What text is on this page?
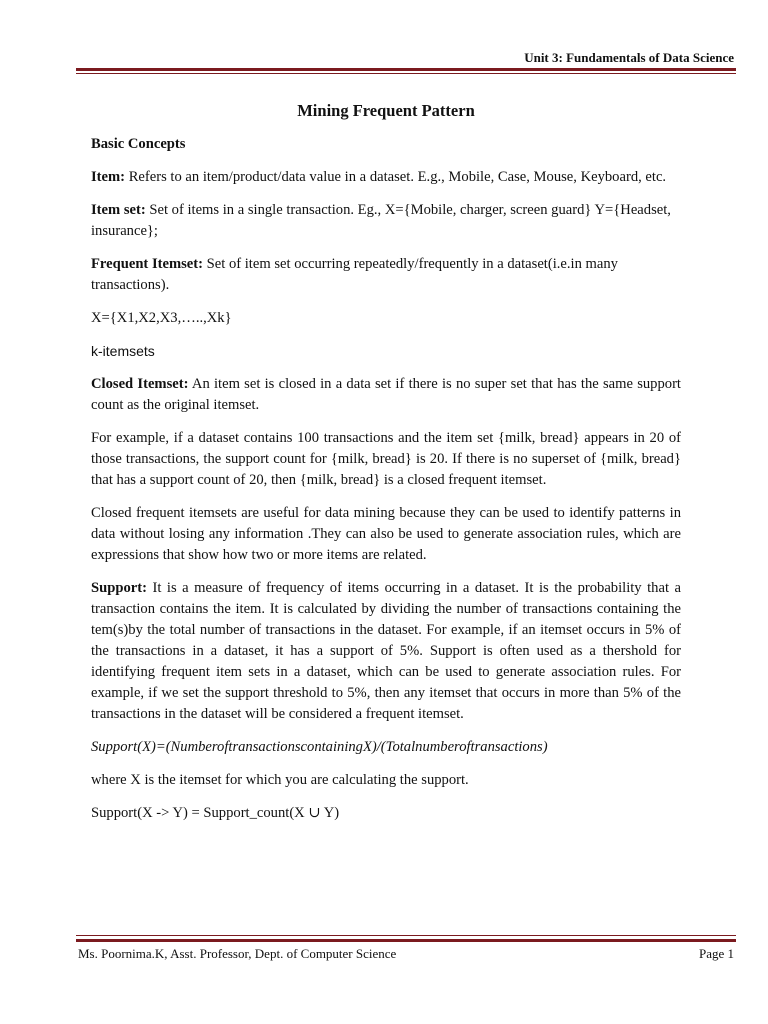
Unit 3: Fundamentals of Data Science
Mining Frequent Pattern

Basic Concepts

Item: Refers to an item/product/data value in a dataset. E.g., Mobile, Case, Mouse, Keyboard, etc.

Item set: Set of items in a single transaction. Eg., X={Mobile, charger, screen guard} Y={Headset, insurance};

Frequent Itemset: Set of item set occurring repeatedly/frequently in a dataset(i.e.in many transactions).

X={X1,X2,X3,…..,Xk}

k-itemsets

Closed Itemset: An item set is closed in a data set if there is no super set that has the same support count as the original itemset.

For example, if a dataset contains 100 transactions and the item set {milk, bread} appears in 20 of those transactions, the support count for {milk, bread} is 20. If there is no superset of {milk, bread} that has a support count of 20, then {milk, bread} is a closed frequent itemset.

Closed frequent itemsets are useful for data mining because they can be used to identify patterns in data without losing any information .They can also be used to generate association rules, which are expressions that show how two or more items are related.

Support: It is a measure of frequency of items occurring in a dataset. It is the probability that a transaction contains the item. It is calculated by dividing the number of transactions containing the tem(s)by the total number of transactions in the dataset. For example, if an itemset occurs in 5% of the transactions in a dataset, it has a support of 5%. Support is often used as a thershold for identifying frequent item sets in a dataset, which can be used to generate association rules. For example, if we set the support threshold to 5%, then any itemset that occurs in more than 5% of the transactions in the dataset will be considered a frequent itemset.

Support(X)=(NumberoftransactionscontainingX)/(Totalnumberoftransactions)

where X is the itemset for which you are calculating the support.

Support(X -> Y) = Support_count(X ∪ Y)

Ms. Poornima.K, Asst. Professor, Dept. of Computer Science	Page 1
